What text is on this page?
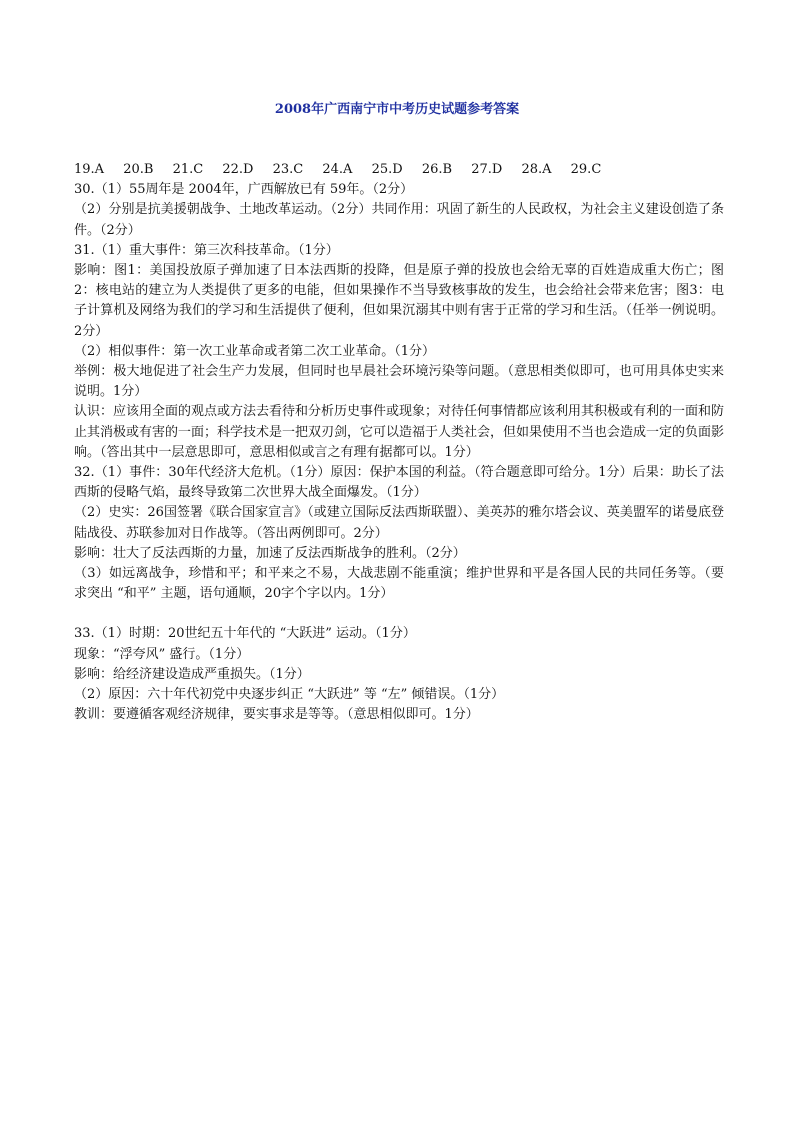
2008年广西南宁市中考历史试题参考答案
19.A 20.B 21.C 22.D 23.C 24.A 25.D 26.B 27.D 28.A 29.C

30.（1）55周年是 2004年，广西解放已有 59年。（2分）

（2）分别是抗美援朝战争、土地改革运动。（2分）共同作用：巩固了新生的人民政权，为社会主义建设创造了条件。（2分）

31.（1）重大事件：第三次科技革命。（1分）

影响：图1：美国投放原子弹加速了日本法西斯的投降，但是原子弹的投放也会给无辜的百姓造成重大伤亡；图2：核电站的建立为人类提供了更多的电能，但如果操作不当导致核事故的发生，也会给社会带来危害；图3：电子计算机及网络为我们的学习和生活提供了便利，但如果沉溺其中则有害于正常的学习和生活。（任举一例说明。2分）

（2）相似事件：第一次工业革命或者第二次工业革命。（1分）

举例：极大地促进了社会生产力发展，但同时也早晨社会环境污染等问题。（意思相类似即可，也可用具体史实来说明。1分）

认识：应该用全面的观点或方法去看待和分析历史事件或现象；对待任何事情都应该利用其积极或有利的一面和防止其消极或有害的一面；科学技术是一把双刃剑，它可以造福于人类社会，但如果使用不当也会造成一定的负面影响。（答出其中一层意思即可，意思相似或言之有理有据都可以。1分）

32.（1）事件：30年代经济大危机。（1分）原因：保护本国的利益。（符合题意即可给分。1分）后果：助长了法西斯的侵略气焰，最终导致第二次世界大战全面爆发。（1分）

（2）史实：26国签署《联合国家宣言》（或建立国际反法西斯联盟）、美英苏的雅尔塔会议、英美盟军的诺曼底登陆战役、苏联参加对日作战等。（答出两例即可。2分）

影响：壮大了反法西斯的力量，加速了反法西斯战争的胜利。（2分）

（3）如远离战争，珍惜和平；和平来之不易，大战悲剧不能重演；维护世界和平是各国人民的共同任务等。（要求突出 “和平” 主题，语句通顺，20字个字以内。1分）

33.（1）时期：20世纪五十年代的 “大跃进” 运动。（1分）

现象：“浮夸风” 盛行。（1分）

影响：给经济建设造成严重损失。（1分）

（2）原因：六十年代初党中央逐步纠正 “大跃进” 等 “左” 倾错误。（1分）

教训：要遵循客观经济规律，要实事求是等等。（意思相似即可。1分）
